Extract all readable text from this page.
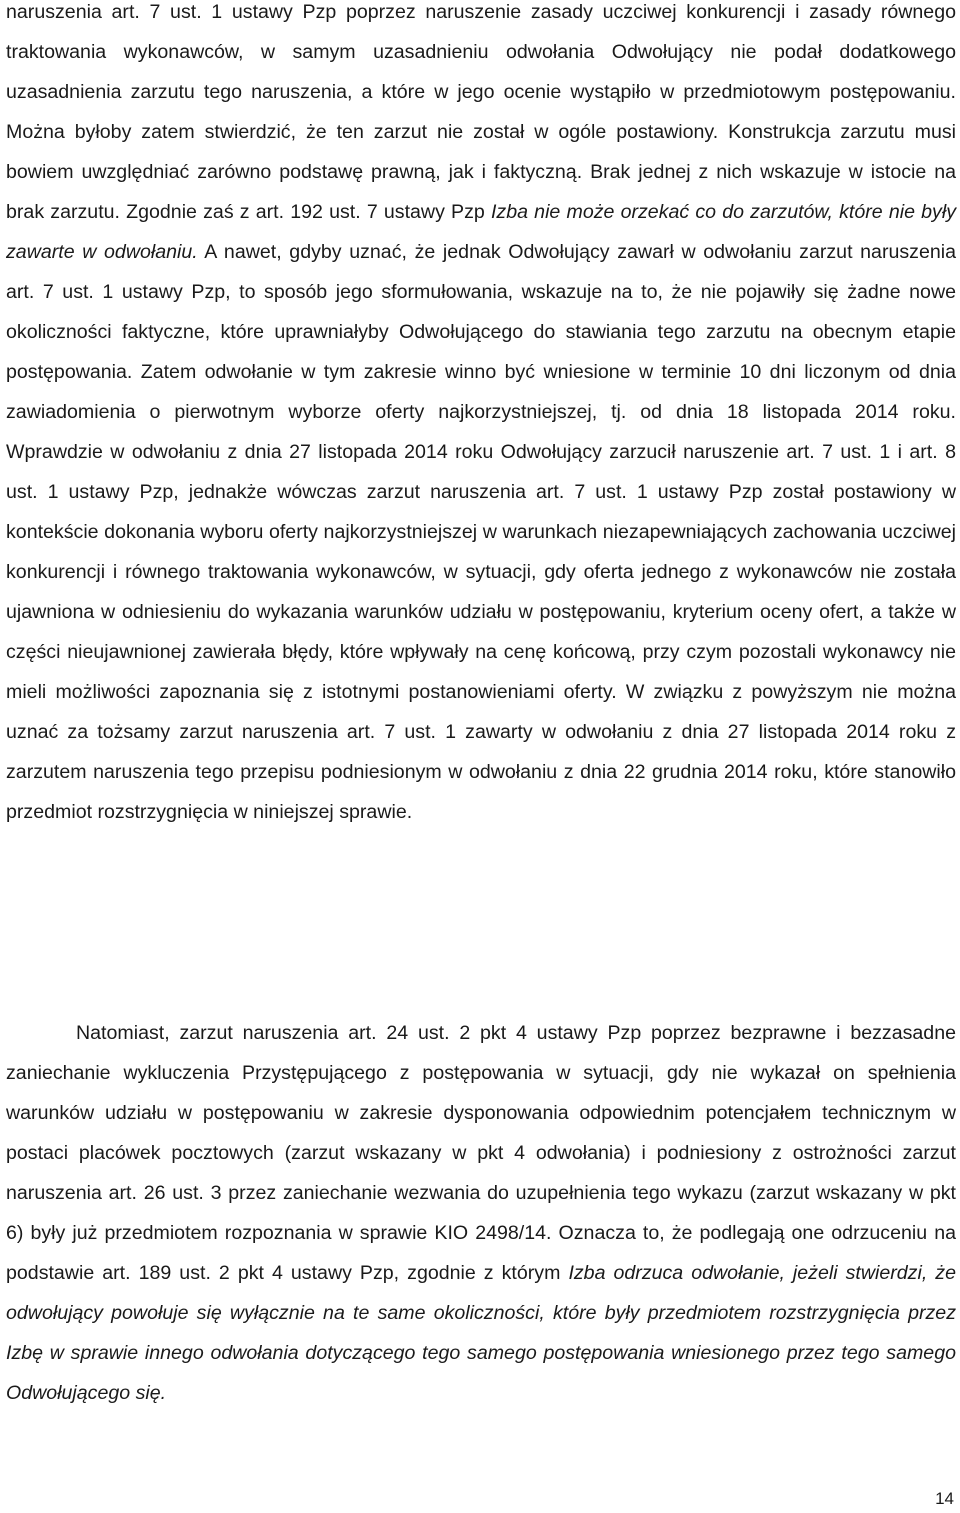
naruszenia art. 7 ust. 1 ustawy Pzp poprzez naruszenie zasady uczciwej konkurencji i zasady równego traktowania wykonawców, w samym uzasadnieniu odwołania Odwołujący nie podał dodatkowego uzasadnienia zarzutu tego naruszenia, a które w jego ocenie wystąpiło w przedmiotowym postępowaniu. Można byłoby zatem stwierdzić, że ten zarzut nie został w ogóle postawiony. Konstrukcja zarzutu musi bowiem uwzględniać zarówno podstawę prawną, jak i faktyczną. Brak jednej z nich wskazuje w istocie na brak zarzutu. Zgodnie zaś z art. 192 ust. 7 ustawy Pzp Izba nie może orzekać co do zarzutów, które nie były zawarte w odwołaniu. A nawet, gdyby uznać, że jednak Odwołujący zawarł w odwołaniu zarzut naruszenia art. 7 ust. 1 ustawy Pzp, to sposób jego sformułowania, wskazuje na to, że nie pojawiły się żadne nowe okoliczności faktyczne, które uprawniałyby Odwołującego do stawiania tego zarzutu na obecnym etapie postępowania. Zatem odwołanie w tym zakresie winno być wniesione w terminie 10 dni liczonym od dnia zawiadomienia o pierwotnym wyborze oferty najkorzystniejszej, tj. od dnia 18 listopada 2014 roku. Wprawdzie w odwołaniu z dnia 27 listopada 2014 roku Odwołujący zarzucił naruszenie art. 7 ust. 1 i art. 8 ust. 1 ustawy Pzp, jednakże wówczas zarzut naruszenia art. 7 ust. 1 ustawy Pzp został postawiony w kontekście dokonania wyboru oferty najkorzystniejszej w warunkach niezapewniających zachowania uczciwej konkurencji i równego traktowania wykonawców, w sytuacji, gdy oferta jednego z wykonawców nie została ujawniona w odniesieniu do wykazania warunków udziału w postępowaniu, kryterium oceny ofert, a także w części nieujawnionej zawierała błędy, które wpływały na cenę końcową, przy czym pozostali wykonawcy nie mieli możliwości zapoznania się z istotnymi postanowieniami oferty. W związku z powyższym nie można uznać za tożsamy zarzut naruszenia art. 7 ust. 1 zawarty w odwołaniu z dnia 27 listopada 2014 roku z zarzutem naruszenia tego przepisu podniesionym w odwołaniu z dnia 22 grudnia 2014 roku, które stanowiło przedmiot rozstrzygnięcia w niniejszej sprawie.

Natomiast, zarzut naruszenia art. 24 ust. 2 pkt 4 ustawy Pzp poprzez bezprawne i bezzasadne zaniechanie wykluczenia Przystępującego z postępowania w sytuacji, gdy nie wykazał on spełnienia warunków udziału w postępowaniu w zakresie dysponowania odpowiednim potencjałem technicznym w postaci placówek pocztowych (zarzut wskazany w pkt 4 odwołania) i podniesiony z ostrożności zarzut naruszenia art. 26 ust. 3 przez zaniechanie wezwania do uzupełnienia tego wykazu (zarzut wskazany w pkt 6) były już przedmiotem rozpoznania w sprawie KIO 2498/14. Oznacza to, że podlegają one odrzuceniu na podstawie art. 189 ust. 2 pkt 4 ustawy Pzp, zgodnie z którym Izba odrzuca odwołanie, jeżeli stwierdzi, że odwołujący powołuje się wyłącznie na te same okoliczności, które były przedmiotem rozstrzygnięcia przez Izbę w sprawie innego odwołania dotyczącego tego samego postępowania wniesionego przez tego samego Odwołującego się.

14
